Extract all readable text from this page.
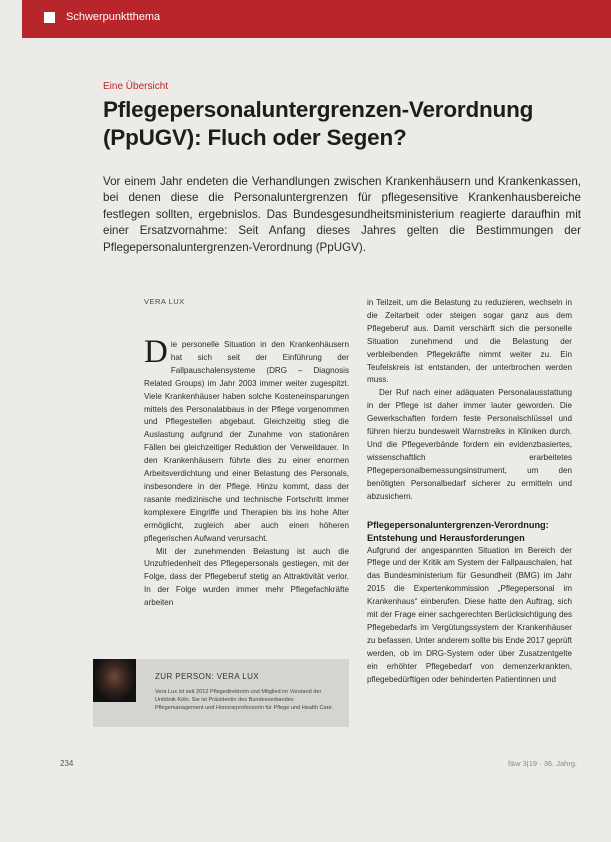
Schwerpunktthema
Eine Übersicht
Pflegepersonaluntergrenzen-Verordnung (PpUGV): Fluch oder Segen?

Vor einem Jahr endeten die Verhandlungen zwischen Krankenhäusern und Krankenkassen, bei denen diese die Personaluntergrenzen für pflegesensitive Krankenhausbereiche festlegen sollten, ergebnislos. Das Bundesgesundheitsministerium reagierte daraufhin mit einer Ersatzvornahme: Seit Anfang dieses Jahres gelten die Bestimmungen der Pflegepersonaluntergrenzen-Verordnung (PpUGV).

VERA LUX

Die personelle Situation in den Krankenhäusern hat sich seit der Einführung der Fallpauschalensysteme (DRG – Diagnosis Related Groups) im Jahr 2003 immer weiter zugespitzt. Viele Krankenhäuser haben solche Kosteneinsparungen mittels des Personalabbaus in der Pflege vorgenommen und Pflegestellen abgebaut. Gleichzeitig stieg die Auslastung aufgrund der Zunahme von stationären Fällen bei gleichzeitiger Reduktion der Verweildauer. In den Krankenhäusern führte dies zu einer enormen Arbeitsverdichtung und einer Belastung des Personals, insbesondere in der Pflege. Hinzu kommt, dass der rasante medizinische und technische Fortschritt immer komplexere Eingriffe und Therapien bis ins hohe Alter ermöglicht, zugleich aber auch einen höheren pflegerischen Aufwand verursacht.

Mit der zunehmenden Belastung ist auch die Unzufriedenheit des Pflegepersonals gestiegen, mit der Folge, dass der Pflegeberuf stetig an Attraktivität verlor. In der Folge wurden immer mehr Pflegefachkräfte arbeiten

in Teilzeit, um die Belastung zu reduzieren, wechseln in die Zeitarbeit oder steigen sogar ganz aus dem Pflegeberuf aus. Damit verschärft sich die personelle Situation zunehmend und die Belastung der verbleibenden Pflegekräfte nimmt weiter zu. Ein Teufelskreis ist entstanden, der unterbrochen werden muss.

Der Ruf nach einer adäquaten Personalausstattung in der Pflege ist daher immer lauter geworden. Die Gewerkschaften fordern feste Personalschlüssel und führen hierzu bundesweit Warnstreiks in Kliniken durch. Und die Pflegeverbände fordern ein evidenzbasiertes, wissenschaftlich erarbeitetes Pflegepersonalbemessungsinstrument, um den benötigten Personalbedarf sicherer zu ermitteln und abzusichern.

Pflegepersonaluntergrenzen-Verordnung: Entstehung und Herausforderungen

Aufgrund der angespannten Situation im Bereich der Pflege und der Kritik am System der Fallpauschalen, hat das Bundesministerium für Gesundheit (BMG) im Jahr 2015 die Expertenkommission „Pflegepersonal im Krankenhaus“ einberufen. Diese hatte den Auftrag, sich mit der Frage einer sachgerechten Berücksichtigung des Pflegebedarfs im Vergütungssystem der Krankenhäuser zu befassen. Unter anderem sollte bis Ende 2017 geprüft werden, ob im DRG-System oder über Zusatzentgelte ein erhöhter Pflegebedarf von demenzerkrankten, pflegebedürftigen oder behinderten Patientinnen und

ZUR PERSON: VERA LUX
Vera Lux ist seit 2012 Pflegedirektorin und Mitglied im Vorstand der Uniklinik Köln. Sie ist Präsidentin des Bundesverbandes Pflegemanagement und Honorarprofessorin für Pflege und Health Care.
234	f&w 3|19 · 36. Jahrg.
